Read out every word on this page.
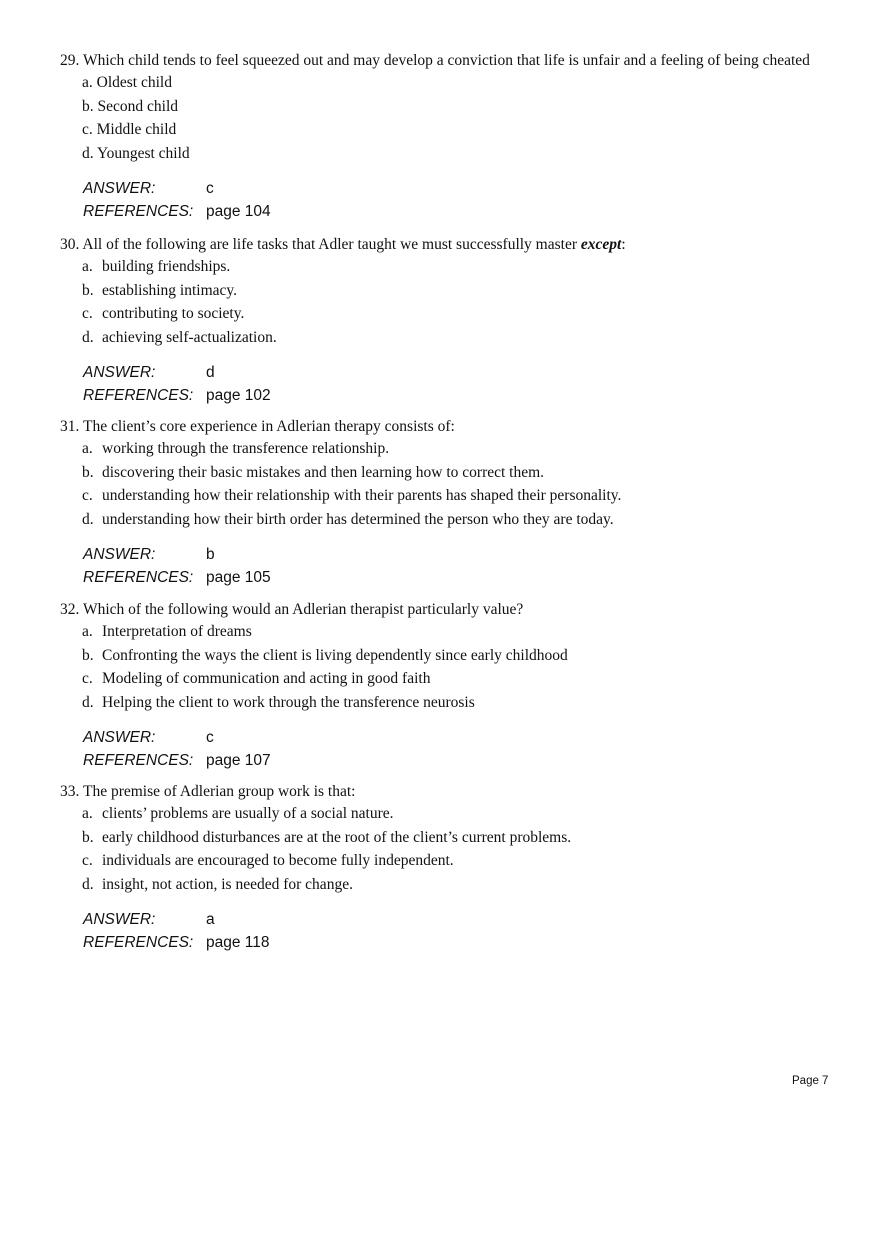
29. Which child tends to feel squeezed out and may develop a conviction that life is unfair and a feeling of being cheated

a. Oldest child
b. Second child
c. Middle child
d. Youngest child
ANSWER:	c
REFERENCES: page 104

30. All of the following are life tasks that Adler taught we must successfully master except:

a. building friendships.
b. establishing intimacy.
c. contributing to society.
d. achieving self-actualization.
ANSWER:	d
REFERENCES: page 102

31. The client’s core experience in Adlerian therapy consists of:

a. working through the transference relationship.
b. discovering their basic mistakes and then learning how to correct them.
c. understanding how their relationship with their parents has shaped their personality.
d. understanding how their birth order has determined the person who they are today.
ANSWER:	b
REFERENCES: page 105

32. Which of the following would an Adlerian therapist particularly value?

a. Interpretation of dreams
b. Confronting the ways the client is living dependently since early childhood
c. Modeling of communication and acting in good faith
d. Helping the client to work through the transference neurosis
ANSWER:	c
REFERENCES: page 107

33. The premise of Adlerian group work is that:

a. clients’ problems are usually of a social nature.
b. early childhood disturbances are at the root of the client’s current problems.
c. individuals are encouraged to become fully independent.
d. insight, not action, is needed for change.
ANSWER:	a
REFERENCES: page 118
Page 7
